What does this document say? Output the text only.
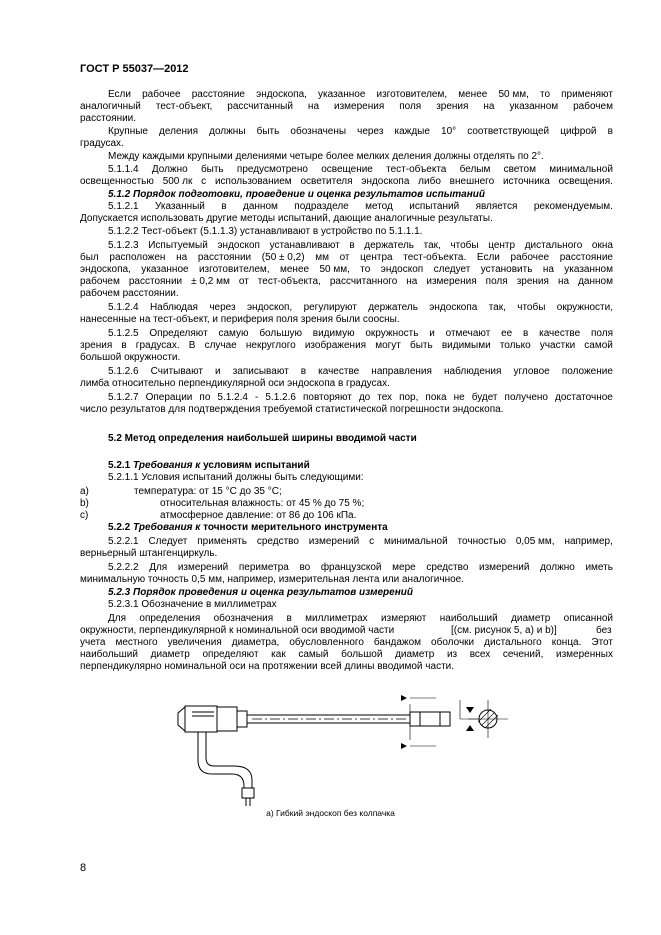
ГОСТ Р 55037—2012
Если рабочее расстояние эндоскопа, указанное изготовителем, менее 50 мм, то применяют
аналогичный тест-объект, рассчитанный на измерения поля зрения на указанном рабочем
расстоянии.
Крупные деления должны быть обозначены через каждые 10° соответствующей цифрой в
градусах.
Между каждыми крупными делениями четыре более мелких деления должны отделять по 2°.
5.1.1.4 Должно быть предусмотрено освещение тест-объекта белым светом минимальной
освещенностью 500 лк с использованием осветителя эндоскопа либо внешнего источника освещения.
5.1.2 Порядок подготовки, проведение и оценка результатов испытаний
5.1.2.1 Указанный в данном подразделе метод испытаний является рекомендуемым.
Допускается использовать другие методы испытаний, дающие аналогичные результаты.
5.1.2.2 Тест-объект (5.1.1.3) устанавливают в устройство по 5.1.1.1.
5.1.2.3 Испытуемый эндоскоп устанавливают в держатель так, чтобы центр дистального окна
был расположен на расстоянии (50 ± 0,2) мм от центра тест-объекта. Если рабочее расстояние
эндоскопа, указанное изготовителем, менее 50 мм, то эндоскоп следует установить на указанном
рабочем расстоянии ± 0,2 мм от тест-объекта, рассчитанного на измерения поля зрения на данном
рабочем расстоянии.
5.1.2.4 Наблюдая через эндоскоп, регулируют держатель эндоскопа так, чтобы окружности,
нанесенные на тест-объект, и периферия поля зрения были соосны.
5.1.2.5 Определяют самую большую видимую окружность и отмечают ее в качестве поля
зрения в градусах. В случае некруглого изображения могут быть видимыми только участки самой
большой окружности.
5.1.2.6 Считывают и записывают в качестве направления наблюдения угловое положение
лимба относительно перпендикулярной оси эндоскопа в градусах.
5.1.2.7 Операции по 5.1.2.4 - 5.1.2.6 повторяют до тех пор, пока не будет получено достаточное
число результатов для подтверждения требуемой статистической погрешности эндоскопа.
5.2 Метод определения наибольшей ширины вводимой части
5.2.1 Требования к условиям испытаний
5.2.1.1 Условия испытаний должны быть следующими:
a)	температура: от 15 °С до 35 °С;
b)	относительная влажность: от 45 % до 75 %;
c)	атмосферное давление: от 86 до 106 кПа.
5.2.2 Требования к точности мерительного инструмента
5.2.2.1 Следует применять средство измерений с минимальной точностью 0,05 мм, например,
верньерный штангенциркуль.
5.2.2.2 Для измерений периметра во французской мере средство измерений должно иметь
минимальную точность 0,5 мм, например, измерительная лента или аналогичное.
5.2.3 Порядок проведения и оценка результатов измерений
5.2.3.1 Обозначение в миллиметрах
Для определения обозначения в миллиметрах измеряют наибольший диаметр описанной
окружности, перпендикулярной к номинальной оси вводимой части	[(см. рисунок 5, а) и b)]	без
учета местного увеличения диаметра, обусловленного бандажом оболочки дистального конца. Этот
наибольший диаметр определяют как самый большой диаметр из всех сечений, измеренных
перпендикулярно номинальной оси на протяжении всей длины вводимой части.
а) Гибкий эндоскоп без колпачка
8
